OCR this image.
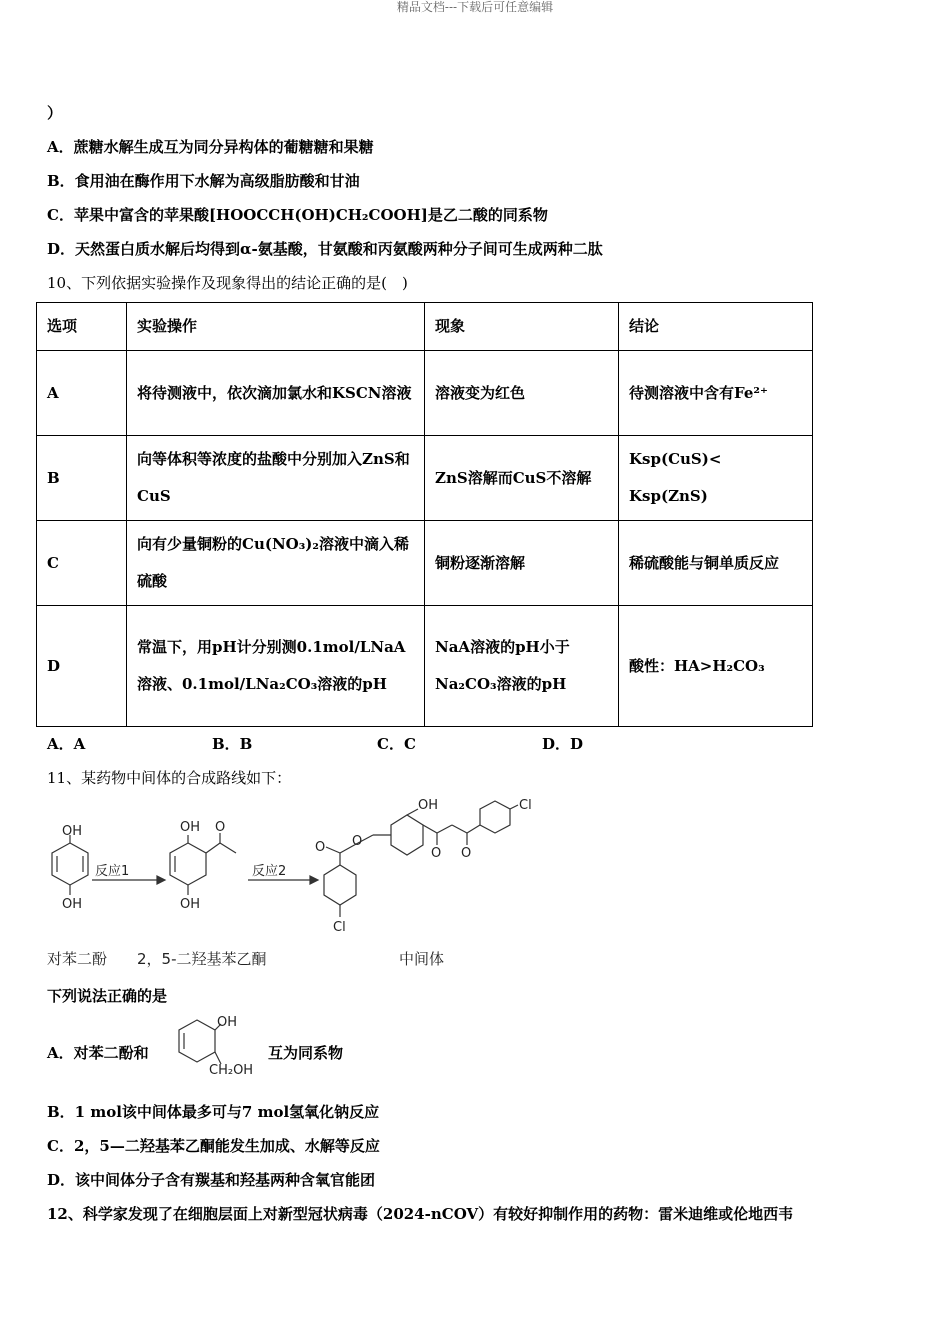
精品文档---下载后可任意编辑
）
A．蔗糖水解生成互为同分异构体的葡糖糖和果糖
B．食用油在酶作用下水解为高级脂肪酸和甘油
C．苹果中富含的苹果酸[HOOCCH(OH)CH₂COOH]是乙二酸的同系物
D．天然蛋白质水解后均得到α-氨基酸，甘氨酸和丙氨酸两种分子间可生成两种二肽
10、下列依据实验操作及现象得出的结论正确的是(　)
选项	实验操作	现象	结论
A	将待测液中，依次滴加氯水和KSCN溶液	溶液变为红色	待测溶液中含有Fe²⁺
B	向等体积等浓度的盐酸中分别加入ZnS和CuS	ZnS溶解而CuS不溶解	Ksp(CuS)< Ksp(ZnS)
C	向有少量铜粉的Cu(NO₃)₂溶液中滴入稀硫酸	铜粉逐渐溶解	稀硫酸能与铜单质反应
D	常温下，用pH计分别测0.1mol/LNaA溶液、0.1mol/LNa₂CO₃溶液的pH	NaA溶液的pH小于Na₂CO₃溶液的pH	酸性：HA>H₂CO₃
A．A	B．B	C．C	D．D
11、某药物中间体的合成路线如下：
OH
OH
OH O
OH
O O
Cl
OH
O O
Cl
反应1	反应2
对苯二酚 2，5-二羟基苯乙酮	中间体
下列说法正确的是
A．对苯二酚和
OH
CH₂OH
互为同系物
B．1 mol该中间体最多可与7 mol氢氧化钠反应
C．2，5—二羟基苯乙酮能发生加成、水解等反应
D．该中间体分子含有羰基和羟基两种含氧官能团
12、科学家发现了在细胞层面上对新型冠状病毒（2024-nCOV）有较好抑制作用的药物：雷米迪维或伦地西韦
